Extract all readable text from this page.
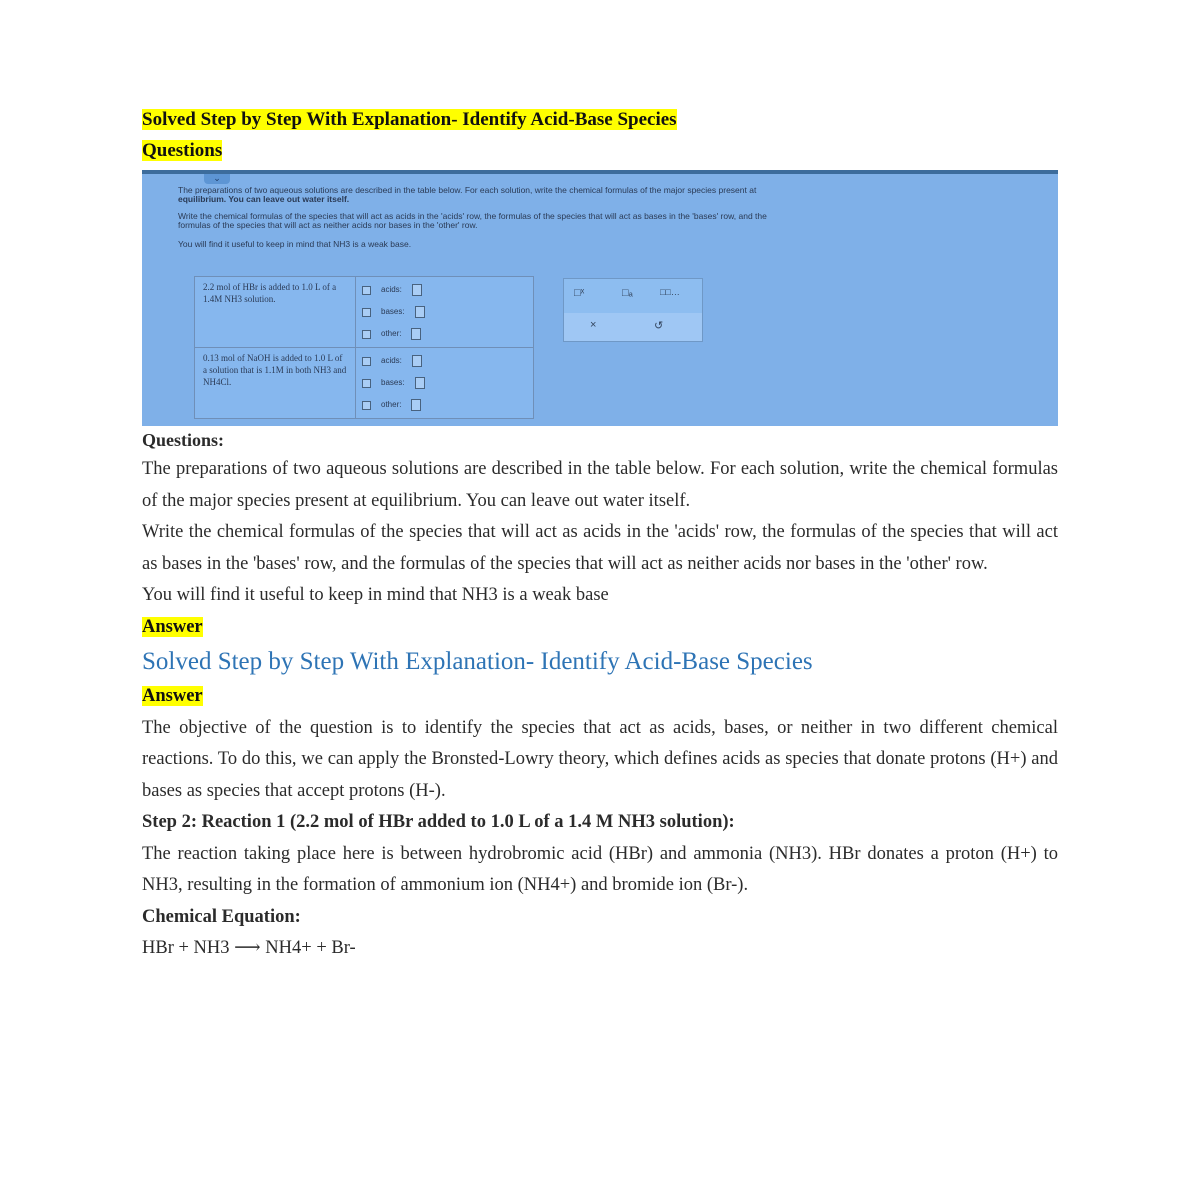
Solved Step by Step With Explanation- Identify Acid-Base Species
Questions
⌄

The preparations of two aqueous solutions are described in the table below. For each solution, write the chemical formulas of the major species present at

equilibrium. You can leave out water itself.

Write the chemical formulas of the species that will act as acids in the 'acids' row, the formulas of the species that will act as bases in the 'bases' row, and the

formulas of the species that will act as neither acids nor bases in the 'other' row.

You will find it useful to keep in mind that NH3 is a weak base.

2.2 mol of HBr is added to 1.0 L of a 1.4M NH3 solution.	acids:
bases:
other:

0.13 mol of NaOH is added to 1.0 L of a solution that is 1.1M in both NH3 and NH4Cl.	acids:
bases:
other:
□ˣ	□ₐ	□□…
×	↺

Questions:

The preparations of two aqueous solutions are described in the table below. For each solution, write the chemical formulas of the major species present at equilibrium. You can leave out water itself.

Write the chemical formulas of the species that will act as acids in the 'acids' row, the formulas of the species that will act as bases in the 'bases' row, and the formulas of the species that will act as neither acids nor bases in the 'other' row.

You will find it useful to keep in mind that NH3 is a weak base

Answer

Solved Step by Step With Explanation- Identify Acid-Base Species

Answer

The objective of the question is to identify the species that act as acids, bases, or neither in two different chemical reactions. To do this, we can apply the Bronsted-Lowry theory, which defines acids as species that donate protons (H+) and bases as species that accept protons (H-).

Step 2: Reaction 1 (2.2 mol of HBr added to 1.0 L of a 1.4 M NH3 solution):

The reaction taking place here is between hydrobromic acid (HBr) and ammonia (NH3). HBr donates a proton (H+) to NH3, resulting in the formation of ammonium ion (NH4+) and bromide ion (Br-).

Chemical Equation:

HBr + NH3 ⟶ NH4+ + Br-
